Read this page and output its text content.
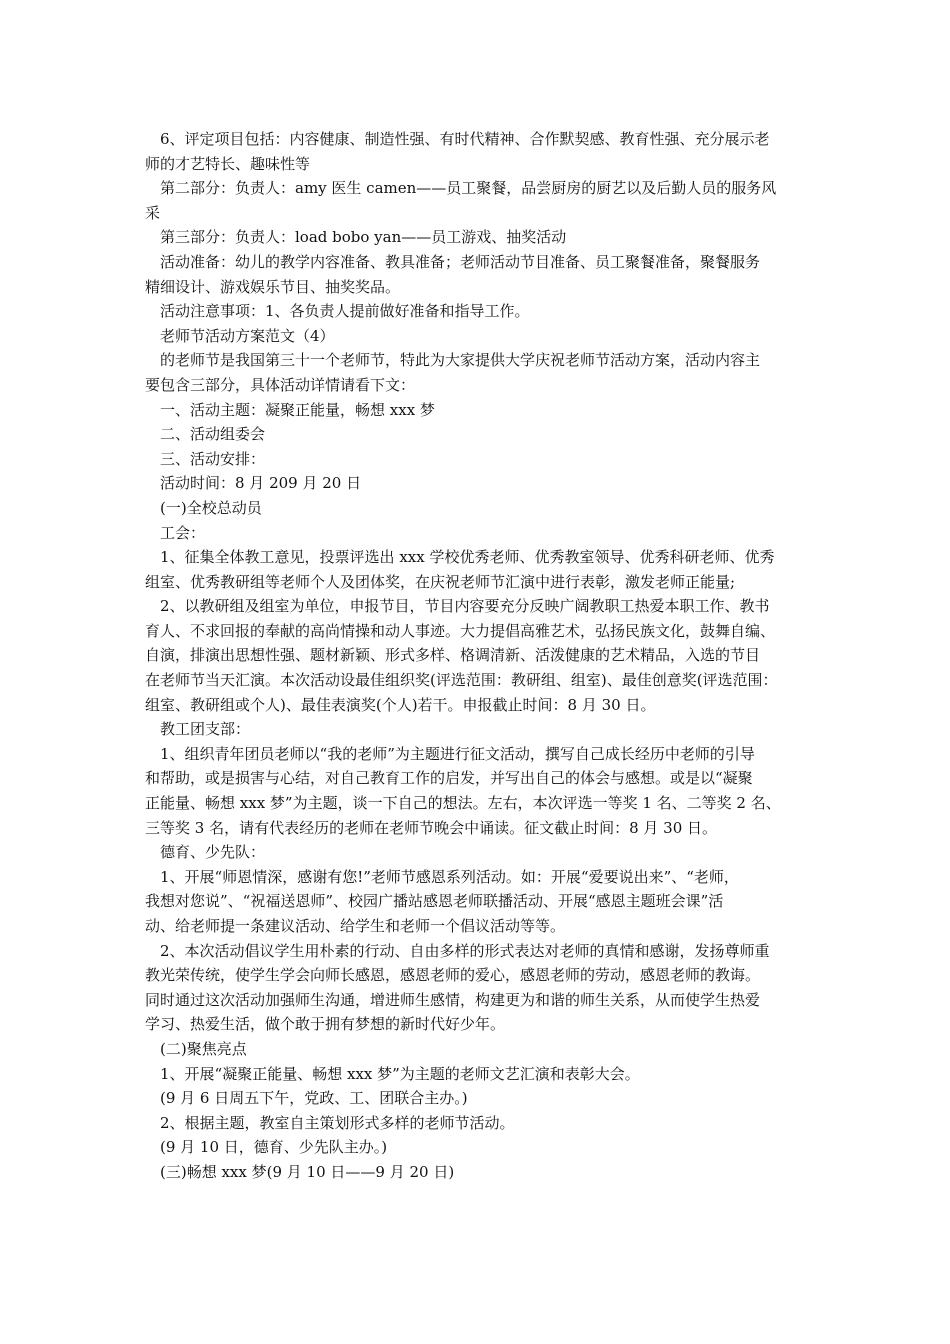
6、评定项目包括：内容健康、制造性强、有时代精神、合作默契感、教育性强、充分展示老

师的才艺特长、趣味性等

第二部分：负责人：amy 医生 camen——员工聚餐，品尝厨房的厨艺以及后勤人员的服务风

采

第三部分：负责人：load bobo yan——员工游戏、抽奖活动

活动准备：幼儿的教学内容准备、教具准备；老师活动节目准备、员工聚餐准备，聚餐服务

精细设计、游戏娱乐节目、抽奖奖品。

活动注意事项：1、各负责人提前做好准备和指导工作。

老师节活动方案范文（4）

的老师节是我国第三十一个老师节，特此为大家提供大学庆祝老师节活动方案，活动内容主

要包含三部分，具体活动详情请看下文：

一、活动主题：凝聚正能量，畅想 xxx 梦

二、活动组委会

三、活动安排：

活动时间：8 月 209 月 20 日

(一)全校总动员

工会：

1、征集全体教工意见，投票评选出 xxx 学校优秀老师、优秀教室领导、优秀科研老师、优秀

组室、优秀教研组等老师个人及团体奖，在庆祝老师节汇演中进行表彰，激发老师正能量;

2、以教研组及组室为单位，申报节目，节目内容要充分反映广阔教职工热爱本职工作、教书

育人、不求回报的奉献的高尚情操和动人事迹。大力提倡高雅艺术，弘扬民族文化，鼓舞自编、

自演，排演出思想性强、题材新颖、形式多样、格调清新、活泼健康的艺术精品，入选的节目

在老师节当天汇演。本次活动设最佳组织奖(评选范围：教研组、组室)、最佳创意奖(评选范围：

组室、教研组或个人)、最佳表演奖(个人)若干。申报截止时间：8 月 30 日。

教工团支部：

1、组织青年团员老师以“我的老师”为主题进行征文活动，撰写自己成长经历中老师的引导

和帮助，或是损害与心结，对自己教育工作的启发，并写出自己的体会与感想。或是以“凝聚

正能量、畅想 xxx 梦”为主题，谈一下自己的想法。左右，本次评选一等奖 1 名、二等奖 2 名、

三等奖 3 名，请有代表经历的老师在老师节晚会中诵读。征文截止时间：8 月 30 日。

德育、少先队：

1、开展“师恩情深，感谢有您!”老师节感恩系列活动。如：开展“爱要说出来”、“老师，

我想对您说”、“祝福送恩师”、校园广播站感恩老师联播活动、开展“感恩主题班会课”活

动、给老师提一条建议活动、给学生和老师一个倡议活动等等。

2、本次活动倡议学生用朴素的行动、自由多样的形式表达对老师的真情和感谢，发扬尊师重

教光荣传统，使学生学会向师长感恩，感恩老师的爱心，感恩老师的劳动，感恩老师的教诲。

同时通过这次活动加强师生沟通，增进师生感情，构建更为和谐的师生关系，从而使学生热爱

学习、热爱生活，做个敢于拥有梦想的新时代好少年。

(二)聚焦亮点

1、开展“凝聚正能量、畅想 xxx 梦”为主题的老师文艺汇演和表彰大会。

(9 月 6 日周五下午，党政、工、团联合主办。)

2、根据主题，教室自主策划形式多样的老师节活动。

(9 月 10 日，德育、少先队主办。)

(三)畅想 xxx 梦(9 月 10 日——9 月 20 日)
